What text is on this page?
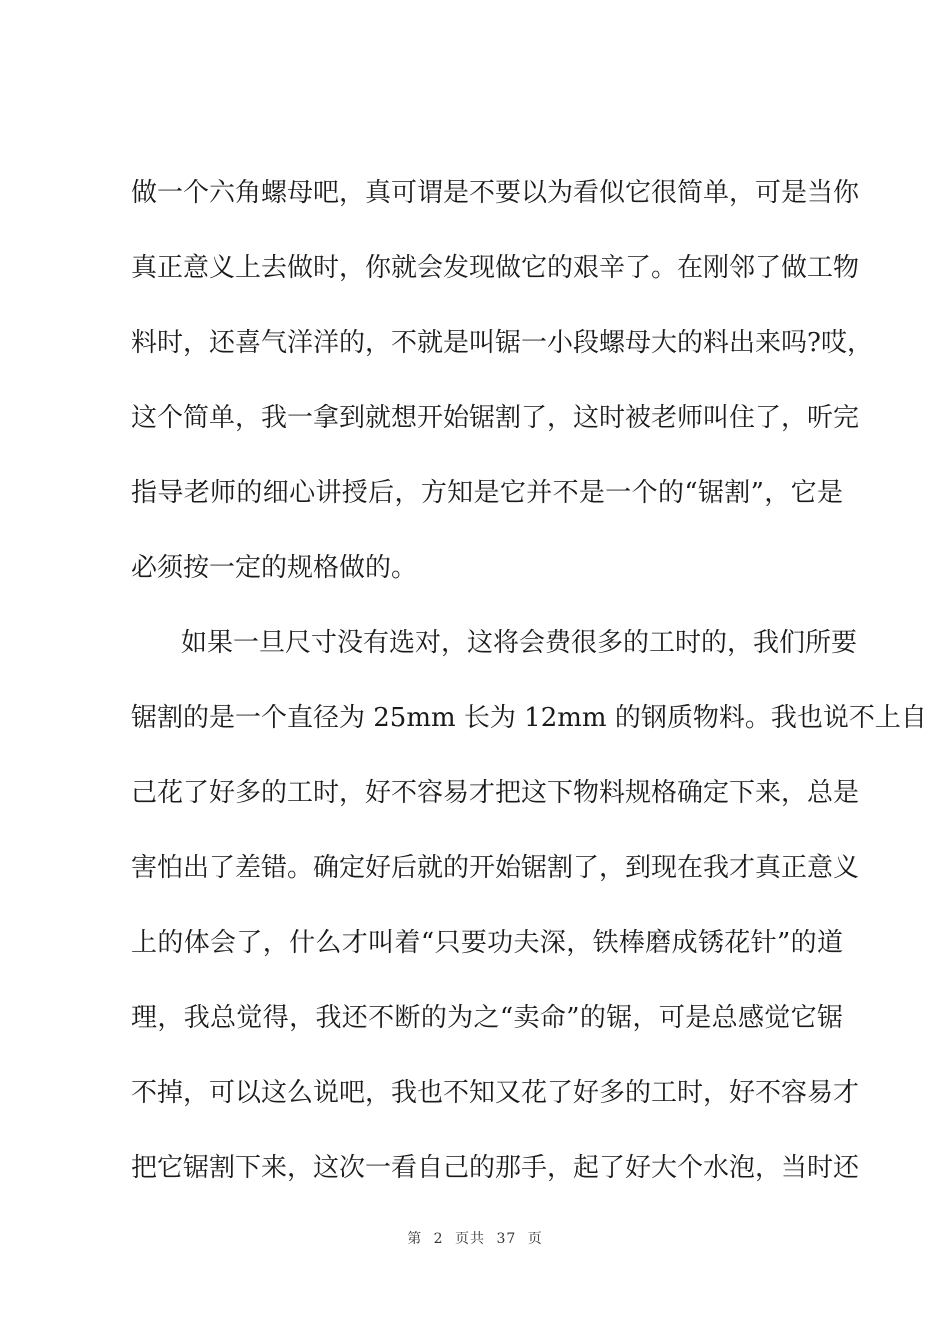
做一个六角螺母吧，真可谓是不要以为看似它很简单，可是当你
真正意义上去做时，你就会发现做它的艰辛了。在刚邻了做工物
料时，还喜气洋洋的，不就是叫锯一小段螺母大的料出来吗?哎，
这个简单，我一拿到就想开始锯割了，这时被老师叫住了，听完
指导老师的细心讲授后，方知是它并不是一个的“锯割”，它是
必须按一定的规格做的。
如果一旦尺寸没有选对，这将会费很多的工时的，我们所要
锯割的是一个直径为 25mm 长为 12mm 的钢质物料。我也说不上自
己花了好多的工时，好不容易才把这下物料规格确定下来，总是
害怕出了差错。确定好后就的开始锯割了，到现在我才真正意义
上的体会了，什么才叫着“只要功夫深，铁棒磨成锈花针”的道
理，我总觉得，我还不断的为之“卖命”的锯，可是总感觉它锯
不掉，可以这么说吧，我也不知又花了好多的工时，好不容易才
把它锯割下来，这次一看自己的那手，起了好大个水泡，当时还
第 2 页共 37 页
